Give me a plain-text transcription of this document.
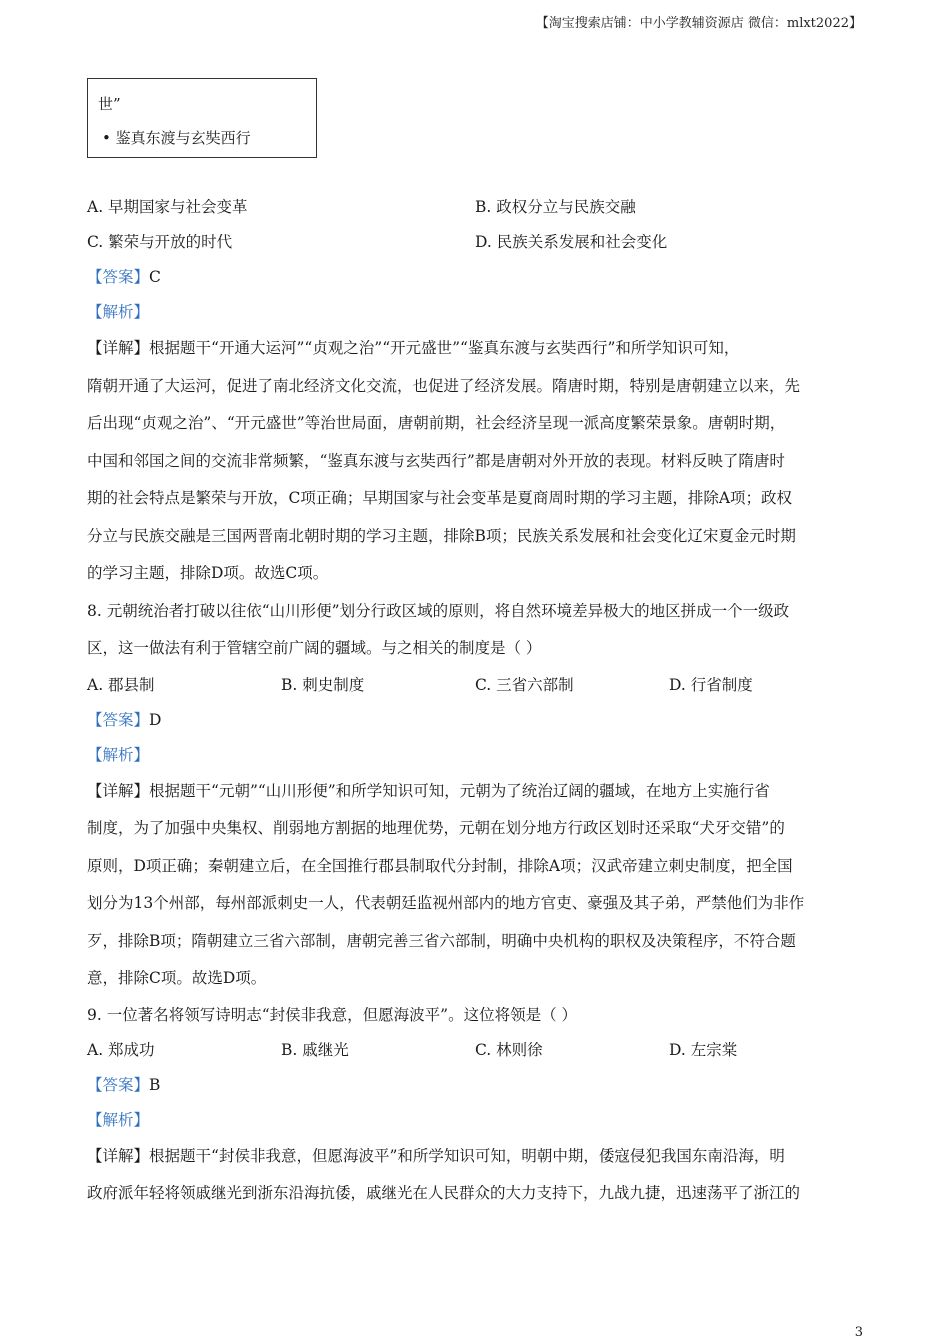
【淘宝搜索店铺：中小学教辅资源店 微信：mlxt2022】
世”
• 鉴真东渡与玄奘西行
A. 早期国家与社会变革	B. 政权分立与民族交融
C. 繁荣与开放的时代	D. 民族关系发展和社会变化
【答案】C
【解析】
【详解】根据题干“开通大运河”“贞观之治”“开元盛世”“鉴真东渡与玄奘西行”和所学知识可知，
隋朝开通了大运河，促进了南北经济文化交流，也促进了经济发展。隋唐时期，特别是唐朝建立以来，先
后出现“贞观之治”、“开元盛世”等治世局面，唐朝前期，社会经济呈现一派高度繁荣景象。唐朝时期，
中国和邻国之间的交流非常频繁，“鉴真东渡与玄奘西行”都是唐朝对外开放的表现。材料反映了隋唐时
期的社会特点是繁荣与开放，C项正确；早期国家与社会变革是夏商周时期的学习主题，排除A项；政权
分立与民族交融是三国两晋南北朝时期的学习主题，排除B项；民族关系发展和社会变化辽宋夏金元时期
的学习主题，排除D项。故选C项。
8. 元朝统治者打破以往依“山川形便”划分行政区域的原则，将自然环境差异极大的地区拼成一个一级政
区，这一做法有利于管辖空前广阔的疆域。与之相关的制度是（ ）
A. 郡县制	B. 刺史制度	C. 三省六部制	D. 行省制度
【答案】D
【解析】
【详解】根据题干“元朝”“山川形便”和所学知识可知，元朝为了统治辽阔的疆域，在地方上实施行省
制度，为了加强中央集权、削弱地方割据的地理优势，元朝在划分地方行政区划时还采取“犬牙交错”的
原则，D项正确；秦朝建立后，在全国推行郡县制取代分封制，排除A项；汉武帝建立刺史制度，把全国
划分为13个州部，每州部派刺史一人，代表朝廷监视州部内的地方官吏、豪强及其子弟，严禁他们为非作
歹，排除B项；隋朝建立三省六部制，唐朝完善三省六部制，明确中央机构的职权及决策程序，不符合题
意，排除C项。故选D项。
9. 一位著名将领写诗明志“封侯非我意，但愿海波平”。这位将领是（ ）
A. 郑成功	B. 戚继光	C. 林则徐	D. 左宗棠
【答案】B
【解析】
【详解】根据题干“封侯非我意，但愿海波平”和所学知识可知，明朝中期，倭寇侵犯我国东南沿海，明
政府派年轻将领戚继光到浙东沿海抗倭，戚继光在人民群众的大力支持下，九战九捷，迅速荡平了浙江的
3
